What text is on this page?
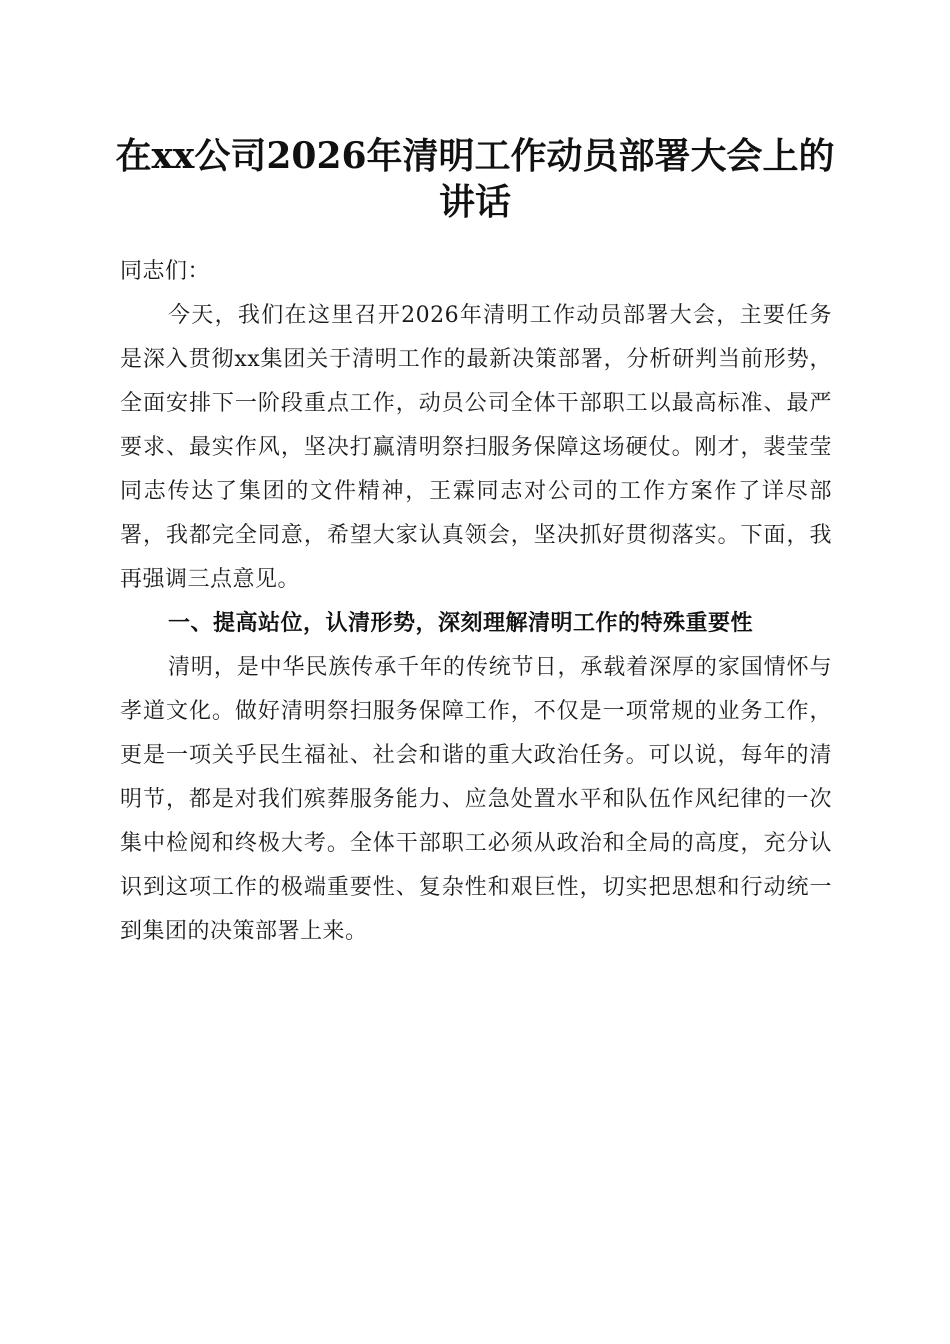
在xx公司2026年清明工作动员部署大会上的
讲话

同志们：

今天，我们在这里召开2026年清明工作动员部署大会，主要任务是深入贯彻xx集团关于清明工作的最新决策部署，分析研判当前形势，全面安排下一阶段重点工作，动员公司全体干部职工以最高标准、最严要求、最实作风，坚决打赢清明祭扫服务保障这场硬仗。刚才，裴莹莹同志传达了集团的文件精神，王霖同志对公司的工作方案作了详尽部署，我都完全同意，希望大家认真领会，坚决抓好贯彻落实。下面，我再强调三点意见。

一、提高站位，认清形势，深刻理解清明工作的特殊重要性

清明，是中华民族传承千年的传统节日，承载着深厚的家国情怀与孝道文化。做好清明祭扫服务保障工作，不仅是一项常规的业务工作，更是一项关乎民生福祉、社会和谐的重大政治任务。可以说，每年的清明节，都是对我们殡葬服务能力、应急处置水平和队伍作风纪律的一次集中检阅和终极大考。全体干部职工必须从政治和全局的高度，充分认识到这项工作的极端重要性、复杂性和艰巨性，切实把思想和行动统一到集团的决策部署上来。
